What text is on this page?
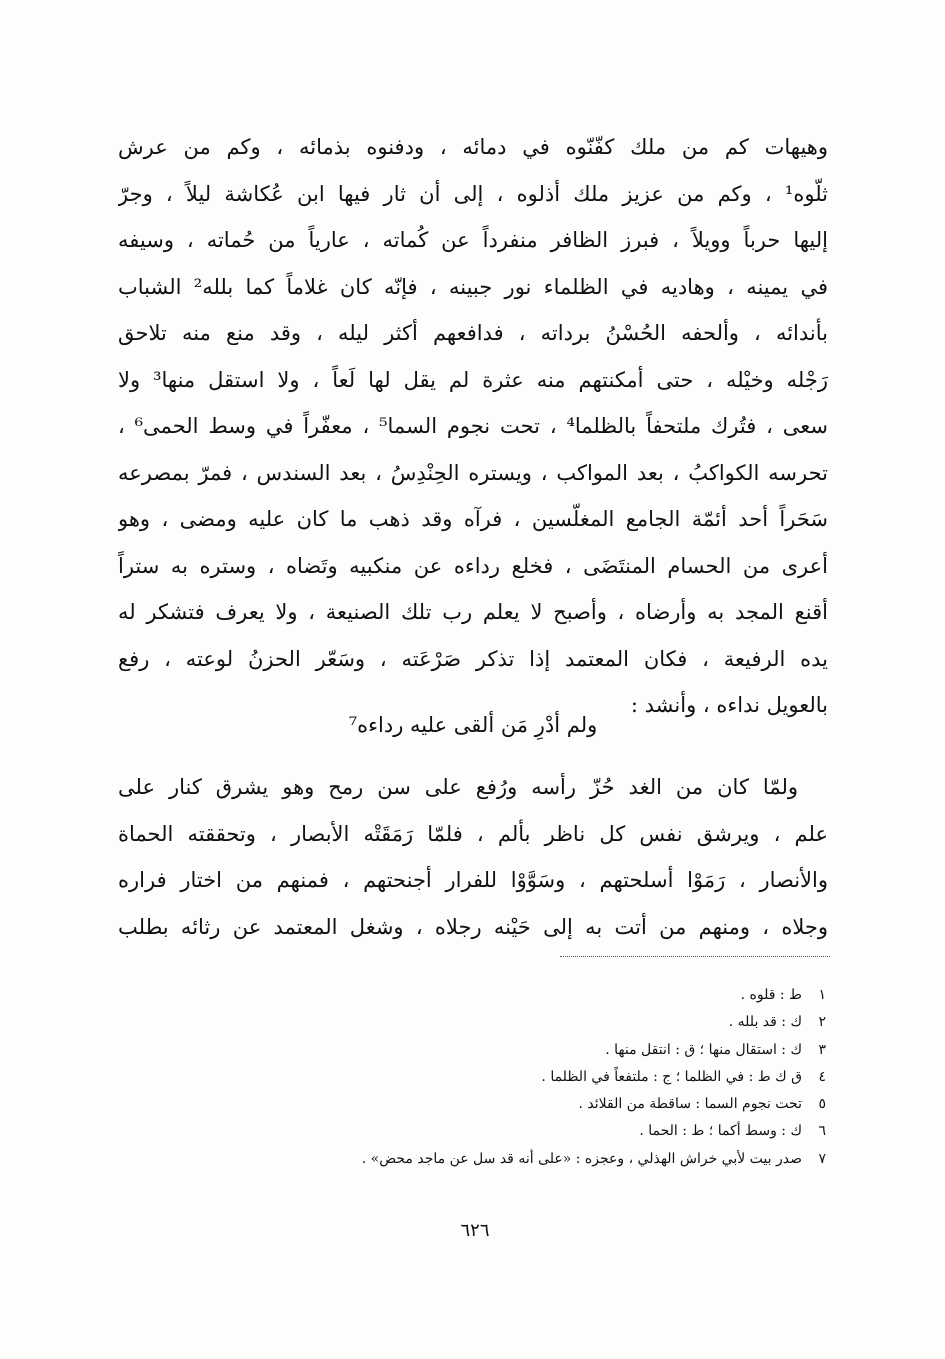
وهيهات كم من ملك كفّنّوه في دمائه ، ودفنوه بذمائه ، وكم من عرش
ثلّوه¹ ، وكم من عزيز ملك أذلوه ، إلى أن ثار فيها ابن عُكاشة ليلاً ، وجرّ
إليها حرباً وويلاً ، فبرز الظافر منفرداً عن كُماته ، عارياً من حُماته ، وسيفه
في يمينه ، وهاديه في الظلماء نور جبينه ، فإنّه كان غلاماً كما بلله² الشباب
بأندائه ، وألحفه الحُسْنُ برداته ، فدافعهم أكثر ليله ، وقد منع منه تلاحق
رَجْله وخيْله ، حتى أمكنتهم منه عثرة لم يقل لها لَعاً ، ولا استقل منها³ ولا
سعى ، فتُرك ملتحفاً بالظلما⁴ ، تحت نجوم السما⁵ ، معفّراً في وسط الحمى⁶ ،
تحرسه الكواكبُ ، بعد المواكب ، ويستره الحِنْدِسُ ، بعد السندس ، فمرّ بمصرعه
سَحَراً أحد أئمّة الجامع المغلّسين ، فرآه وقد ذهب ما كان عليه ومضى ، وهو
أعرى من الحسام المنتَضَى ، فخلع رداءه عن منكبيه وتَضاه ، وستره به ستراً
أقنع المجد به وأرضاه ، وأصبح لا يعلم رب تلك الصنيعة ، ولا يعرف فتشكر له
يده الرفيعة ، فكان المعتمد إذا تذكر صَرْعَته ، وسَعّر الحزنُ لوعته ، رفع
بالعويل نداءه ، وأنشد :
ولم أدْرِ مَن ألقى عليه رداءه⁷
ولمّا كان من الغد حُزّ رأسه ورُفع على سن رمح وهو يشرق كنار على
علم ، ويرشق نفس كل ناظر بألم ، فلمّا رَمَقَتْه الأبصار ، وتحققته الحماة
والأنصار ، رَمَوْا أسلحتهم ، وسَوَّوْا للفرار أجنحتهم ، فمنهم من اختار فراره
وجلاه ، ومنهم من أتت به إلى حَيْنه رجلاه ، وشغل المعتمد عن رثائه بطلب
١ط : قلوه .
٢ك : قد بلله .
٣ك : استقال منها ؛ ق : انتقل منها .
٤ق ك ط : في الظلما ؛ ج : ملتفعاً في الظلما .
٥تحت نجوم السما : ساقطة من القلائد .
٦ك : وسط أكما ؛ ط : الحما .
٧صدر بيت لأبي خراش الهذلي ، وعجزه : «على أنه قد سل عن ماجد محض» .
٦٢٦
